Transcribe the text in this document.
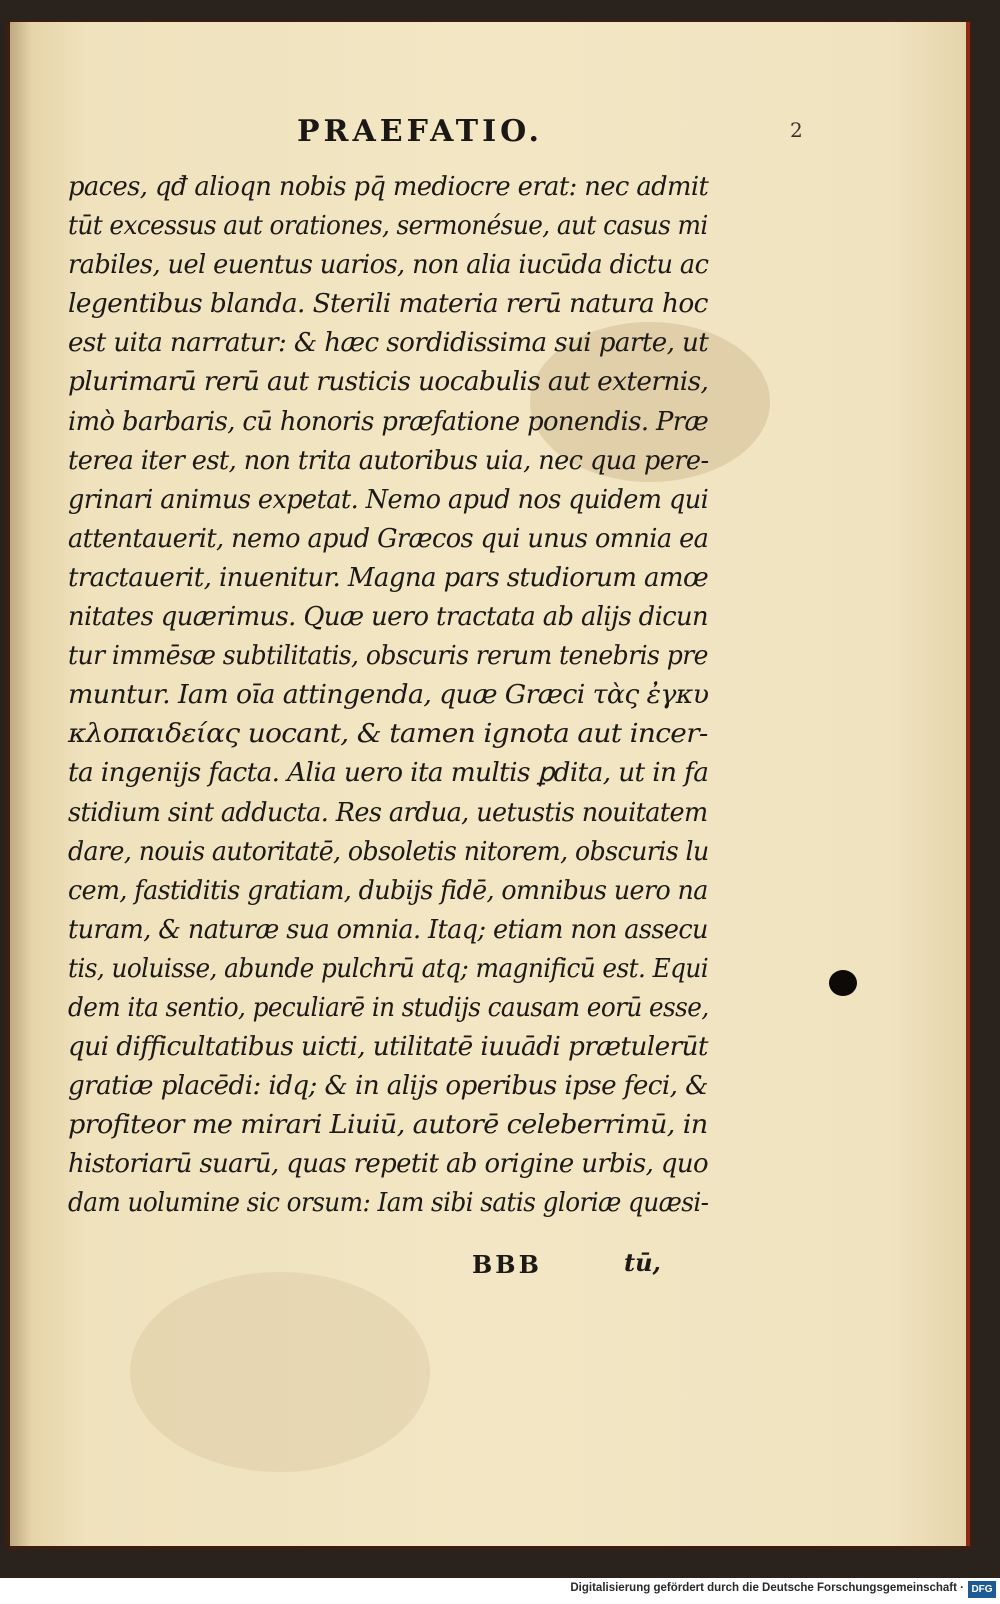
PRAEFATIO.	2
paces, qđ alioqn nobis pq̄ mediocre erat: nec admit
tūt excessus aut orationes, sermonésue, aut casus mi
rabiles, uel euentus uarios, non alia iucūda dictu ac
legentibus blanda. Sterili materia rerū natura hoc
est uita narratur: & hæc sordidissima sui parte, ut
plurimarū rerū aut rusticis uocabulis aut externis,
imò barbaris, cū honoris præfatione ponendis. Præ
terea iter est, non trita autoribus uia, nec qua pere-
grinari animus expetat. Nemo apud nos quidem qui
attentauerit, nemo apud Græcos qui unus omnia ea
tractauerit, inuenitur. Magna pars studiorum amœ
nitates quærimus. Quæ uero tractata ab alijs dicun
tur immēsæ subtilitatis, obscuris rerum tenebris pre
muntur. Iam oīa attingenda, quæ Græci τὰς ἐγκυ
κλοπαιδείας uocant, & tamen ignota aut incer-
ta ingenijs facta. Alia uero ita multis ꝑdita, ut in fa
stidium sint adducta. Res ardua, uetustis nouitatem
dare, nouis autoritatē, obsoletis nitorem, obscuris lu
cem, fastiditis gratiam, dubijs fidē, omnibus uero na
turam, & naturæ sua omnia. Itaq; etiam non assecu
tis, uoluisse, abunde pulchrū atq; magnificū est. Equi
dem ita sentio, peculiarē in studijs causam eorū esse,
qui difficultatibus uicti, utilitatē iuuādi prætulerūt
gratiæ placēdi: idq; & in alijs operibus ipse feci, &
profiteor me mirari Liuiū, autorē celeberrimū, in
historiarū suarū, quas repetit ab origine urbis, quo
dam uolumine sic orsum: Iam sibi satis gloriæ quæsi-
BBB	tū,
Digitalisierung gefördert durch die Deutsche Forschungsgemeinschaft · DFG
